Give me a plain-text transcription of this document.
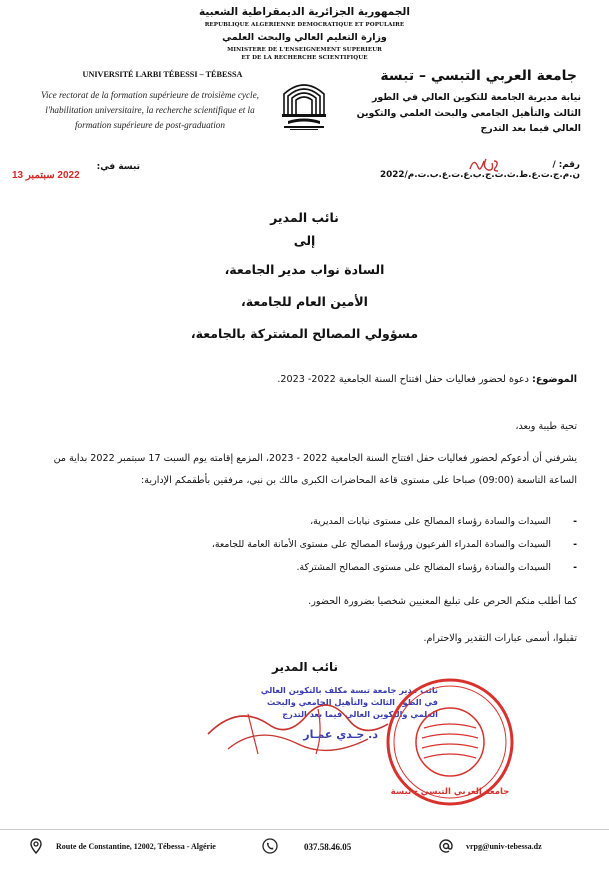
الجمهورية الجزائرية الديمقراطية الشعبية
REPUBLIQUE ALGERIENNE DEMOCRATIQUE ET POPULAIRE
وزارة التعليم العالي والبحث العلمي
MINISTERE DE L'ENSEIGNEMENT SUPERIEUR
ET DE LA RECHERCHE SCIENTIFIQUE
UNIVERSITÉ LARBI TÉBESSI – TÉBESSA
Vice rectorat de la formation supérieure de troisième cycle, l'habilitation universitaire, la recherche scientifique et la formation supérieure de post-graduation
جامعة العربي التبسي – تبسة
نيابة مديرية الجامعة للتكوين العالي في الطور الثالث والتأهيل الجامعي والبحث العلمي والتكوين العالي فيما بعد التدرج
تبسة في:
2022 سبتمبر 13
رقم: /ن.م.ج.ت.ع.ط.ث.ت.ج.ب.ع.ت.ع.ب.ت.م/2022
نائب المدير
إلى
السادة نواب مدير الجامعة،
الأمين العام للجامعة،
مسؤولي المصالح المشتركة بالجامعة،
الموضوع: دعوة لحضور فعاليات حفل افتتاح السنة الجامعية 2022- 2023.
تحية طيبة وبعد،
يشرفني أن أدعوكم لحضور فعاليات حفل افتتاح السنة الجامعية 2022 - 2023، المزمع إقامته يوم السبت 17 سبتمبر 2022 بداية من الساعة التاسعة (09:00) صباحا على مستوى قاعة المحاضرات الكبرى مالك بن نبي، مرفقين بأطقمكم الإدارية:
- السيدات والسادة رؤساء المصالح على مستوى نيابات المديرية،
- السيدات والسادة المدراء الفرعيون ورؤساء المصالح على مستوى الأمانة العامة للجامعة،
- السيدات والسادة رؤساء المصالح على مستوى المصالح المشتركة.
كما أطلب منكم الحرص على تبليغ المعنيين شخصيا بضرورة الحضور.
تقبلوا، أسمى عبارات التقدير والاحترام.
نائب المدير
نائب مدير جامعة تبسة مكلف بالتكوين العالي
في الطور الثالث والتأهيل الجامعي والبحث
العلمي والتكوين العالي فيما بعد التدرج
د. جـدي عمـار
جامعة العربي التبسي - تبسة
Route de Constantine, 12002, Tébessa - Algérie	037.58.46.05	vrpg@univ-tebessa.dz
